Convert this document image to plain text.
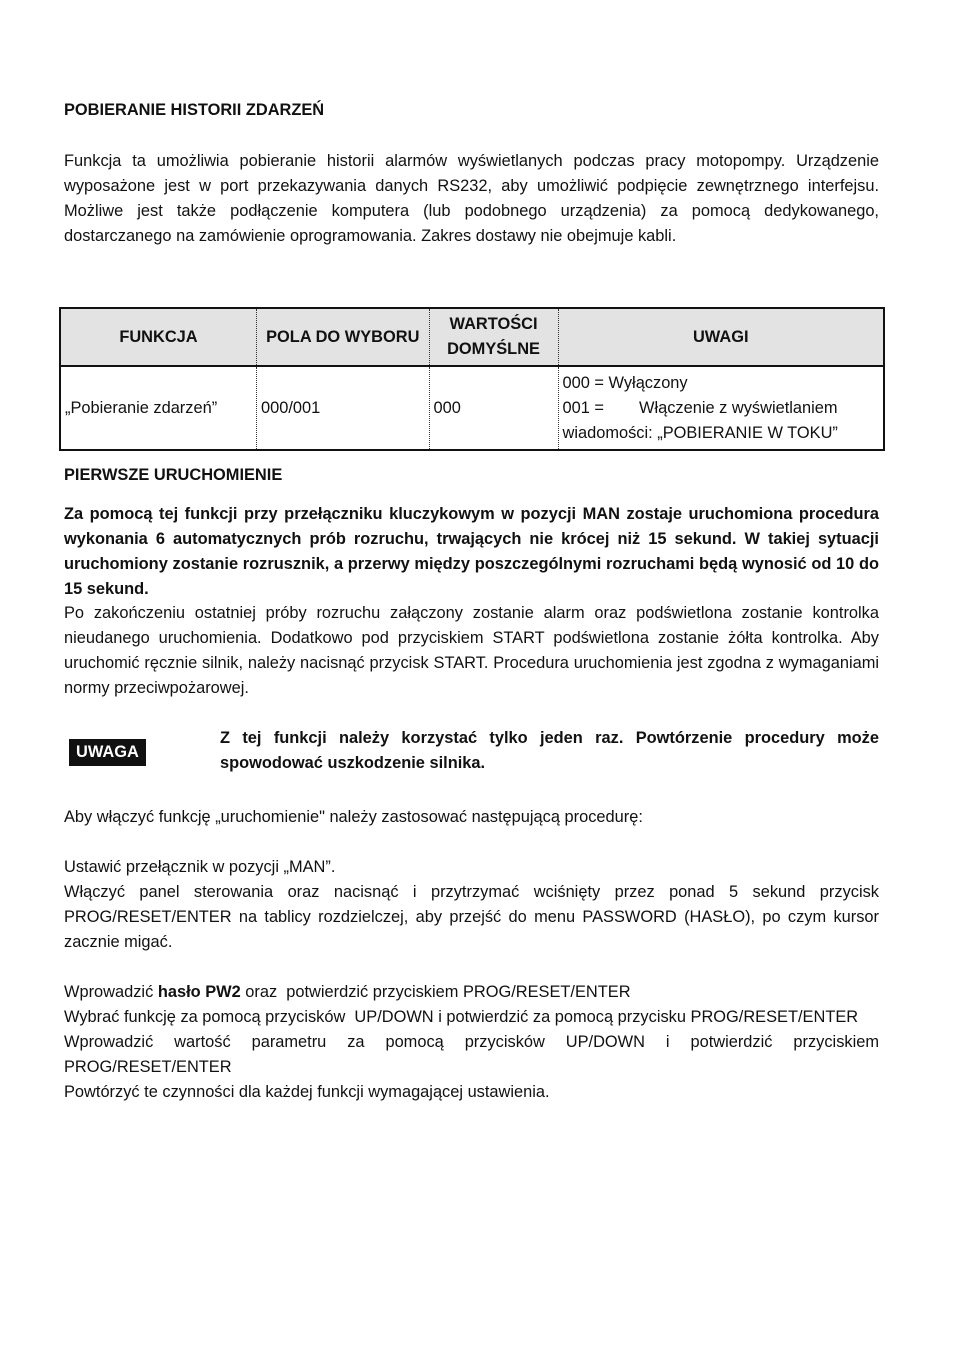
POBIERANIE HISTORII ZDARZEŃ

Funkcja ta umożliwia pobieranie historii alarmów wyświetlanych podczas pracy motopompy. Urządzenie wyposażone jest w port przekazywania danych RS232, aby umożliwić podpięcie zewnętrznego interfejsu. Możliwe jest także podłączenie komputera (lub podobnego urządzenia) za pomocą dedykowanego, dostarczanego na zamówienie oprogramowania. Zakres dostawy nie obejmuje kabli.

FUNKCJA	POLA DO WYBORU	WARTOŚCI DOMYŚLNE	UWAGI
„Pobieranie zdarzeń”	000/001	000	000 = Wyłączony
001 = Włączenie z wyświetlaniem
wiadomości: „POBIERANIE W TOKU”
PIERWSZE URUCHOMIENIE

Za pomocą tej funkcji przy przełączniku kluczykowym w pozycji MAN zostaje uruchomiona procedura wykonania 6 automatycznych prób rozruchu, trwających nie krócej niż 15 sekund. W takiej sytuacji uruchomiony zostanie rozrusznik, a przerwy między poszczególnymi rozruchami będą wynosić od 10 do 15 sekund.

Po zakończeniu ostatniej próby rozruchu załączony zostanie alarm oraz podświetlona zostanie kontrolka nieudanego uruchomienia. Dodatkowo pod przyciskiem START podświetlona zostanie żółta kontrolka. Aby uruchomić ręcznie silnik, należy nacisnąć przycisk START. Procedura uruchomienia jest zgodna z wymaganiami normy przeciwpożarowej.

UWAGA

Z tej funkcji należy korzystać tylko jeden raz. Powtórzenie procedury może spowodować uszkodzenie silnika.

Aby włączyć funkcję „uruchomienie" należy zastosować następującą procedurę:

Ustawić przełącznik w pozycji „MAN”.

Włączyć panel sterowania oraz nacisnąć i przytrzymać wciśnięty przez ponad 5 sekund przycisk PROG/RESET/ENTER na tablicy rozdzielczej, aby przejść do menu PASSWORD (HASŁO), po czym kursor zacznie migać.

Wprowadzić hasło PW2 oraz  potwierdzić przyciskiem PROG/RESET/ENTER

Wybrać funkcję za pomocą przycisków  UP/DOWN i potwierdzić za pomocą przycisku PROG/RESET/ENTER

Wprowadzić wartość parametru za pomocą przycisków UP/DOWN i potwierdzić przyciskiem PROG/RESET/ENTER

Powtórzyć te czynności dla każdej funkcji wymagającej ustawienia.
